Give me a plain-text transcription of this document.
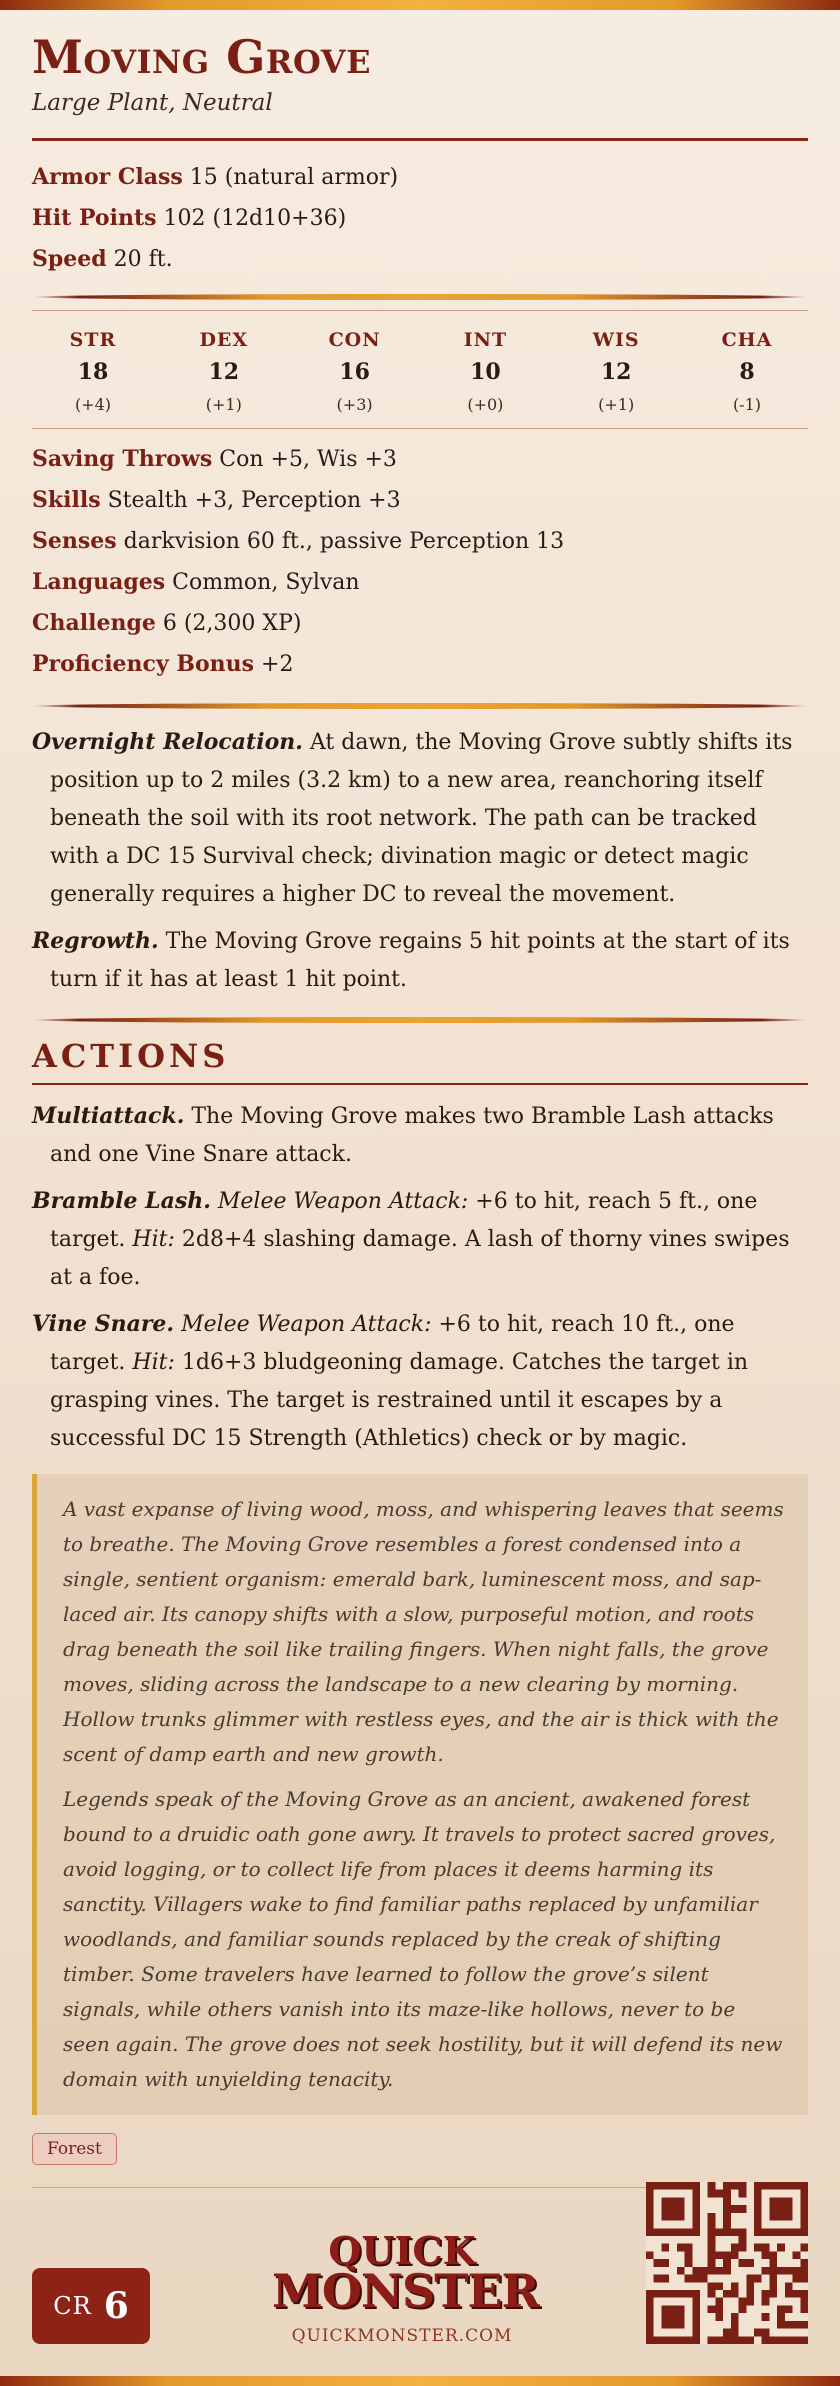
Moving Grove
Large Plant, Neutral
Armor Class 15 (natural armor)
Hit Points 102 (12d10+36)
Speed 20 ft.
STR
18
(+4)
DEX
12
(+1)
CON
16
(+3)
INT
10
(+0)
WIS
12
(+1)
CHA
8
(-1)
Saving Throws Con +5, Wis +3
Skills Stealth +3, Perception +3
Senses darkvision 60 ft., passive Perception 13
Languages Common, Sylvan
Challenge 6 (2,300 XP)
Proficiency Bonus +2
Overnight Relocation. At dawn, the Moving Grove subtly shifts its position up to 2 miles (3.2 km) to a new area, reanchoring itself beneath the soil with its root network. The path can be tracked with a DC 15 Survival check; divination magic or detect magic generally requires a higher DC to reveal the movement.
Regrowth. The Moving Grove regains 5 hit points at the start of its turn if it has at least 1 hit point.
ACTIONS
Multiattack. The Moving Grove makes two Bramble Lash attacks and one Vine Snare attack.
Bramble Lash. Melee Weapon Attack: +6 to hit, reach 5 ft., one target. Hit: 2d8+4 slashing damage. A lash of thorny vines swipes at a foe.
Vine Snare. Melee Weapon Attack: +6 to hit, reach 10 ft., one target. Hit: 1d6+3 bludgeoning damage. Catches the target in grasping vines. The target is restrained until it escapes by a successful DC 15 Strength (Athletics) check or by magic.

A vast expanse of living wood, moss, and whispering leaves that seems to breathe. The Moving Grove resembles a forest condensed into a single, sentient organism: emerald bark, luminescent moss, and sap-laced air. Its canopy shifts with a slow, purposeful motion, and roots drag beneath the soil like trailing fingers. When night falls, the grove moves, sliding across the landscape to a new clearing by morning. Hollow trunks glimmer with restless eyes, and the air is thick with the scent of damp earth and new growth.

Legends speak of the Moving Grove as an ancient, awakened forest bound to a druidic oath gone awry. It travels to protect sacred groves, avoid logging, or to collect life from places it deems harming its sanctity. Villagers wake to find familiar paths replaced by unfamiliar woodlands, and familiar sounds replaced by the creak of shifting timber. Some travelers have learned to follow the grove’s silent signals, while others vanish into its maze-like hollows, never to be seen again. The grove does not seek hostility, but it will defend its new domain with unyielding tenacity.

Forest
CR 6
QUICK
MONSTER
QUICKMONSTER.COM
